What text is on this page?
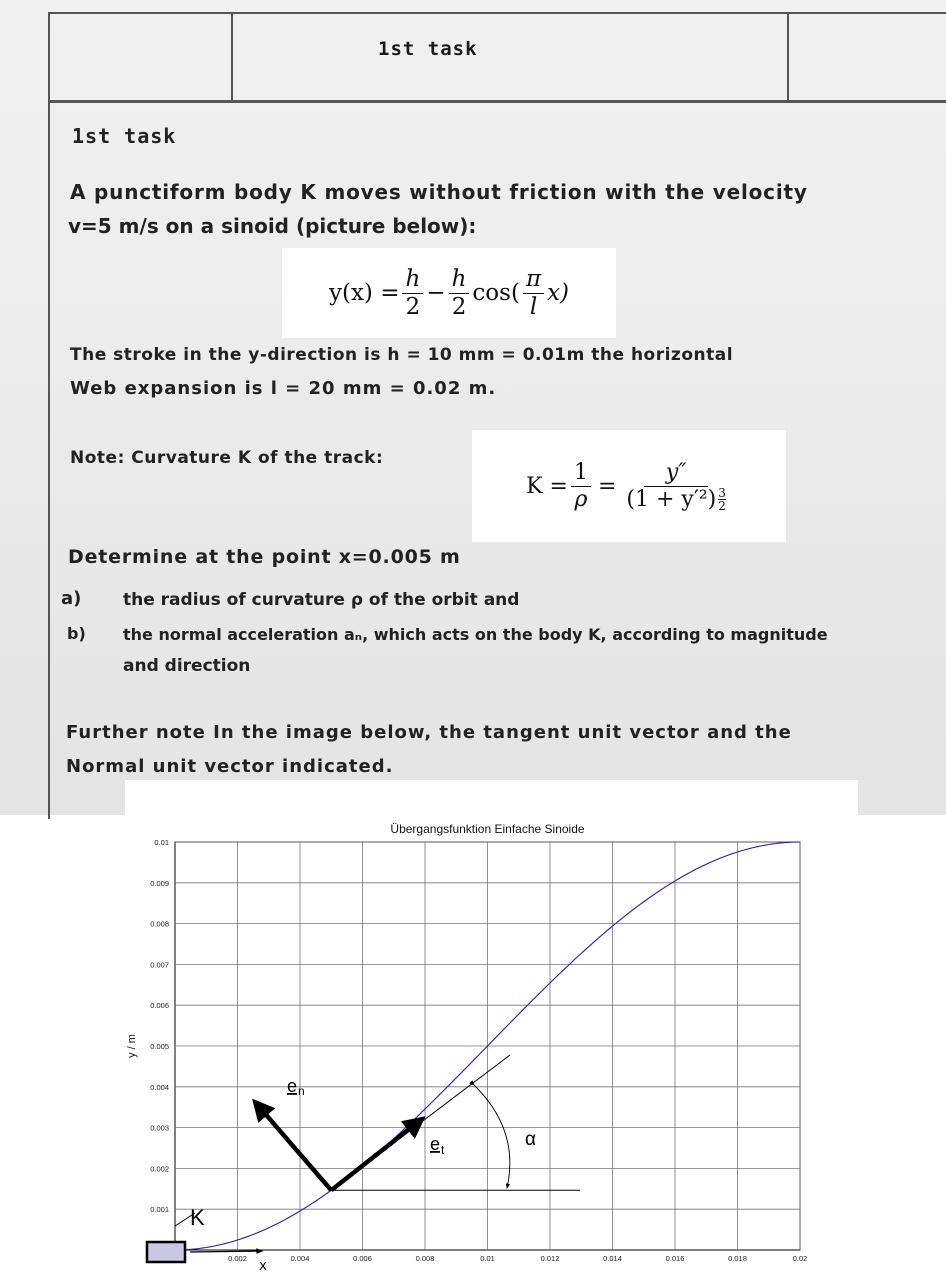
1st task
1st task
A punctiform body K moves without friction with the velocity
v=5 m/s on a sinoid (picture below):
$y(x) = \frac{h}{2} - \frac{h}{2} \cos( \frac{\pi}{l} x)$
The stroke in the y-direction is h = 10 mm = 0.01m the horizontal
Web expansion is l = 20 mm = 0.02 m.
Note: Curvature K of the track:
$K = \frac{1}{\rho} = y''$
(1 + y′²) 3
2
Determine at the point x=0.005 m
a) the radius of curvature ρ of the orbit and
b) the normal acceleration aₙ, which acts on the body K, according to magnitude
and direction
Further note In the image below, the tangent unit vector and the
Normal unit vector indicated.
0.002	0.004	0.006	0.008	0.01	0.012	0.014	0.016	0.018	0.02
0.001
0.002
0.003
0.004
0.005
0.006
0.007
0.008
0.009
0.01
Übergangsfunktion Einfache Sinoide
y / m
x
K
e n
e t	α
